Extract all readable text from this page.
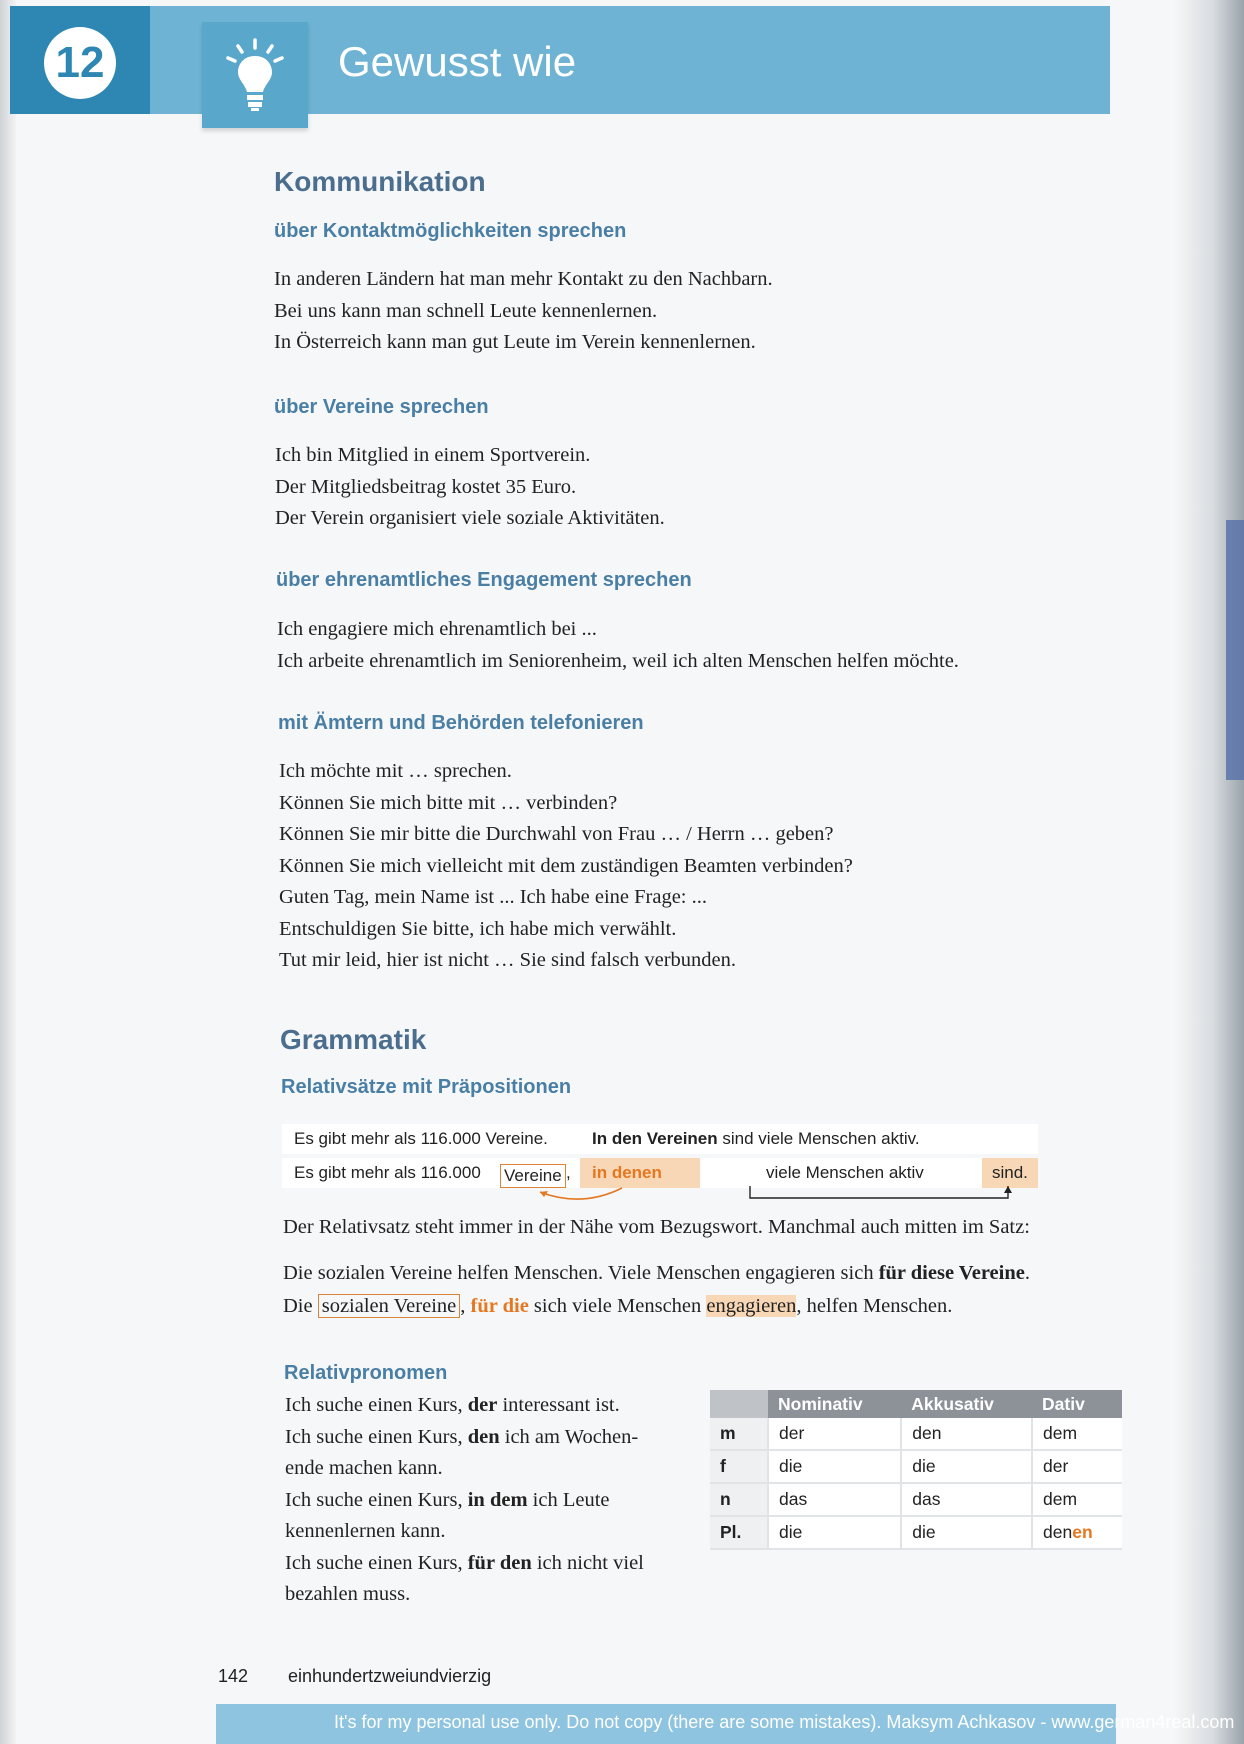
12	Gewusst wie
Kommunikation
über Kontaktmöglichkeiten sprechen
In anderen Ländern hat man mehr Kontakt zu den Nachbarn.
Bei uns kann man schnell Leute kennenlernen.
In Österreich kann man gut Leute im Verein kennenlernen.
über Vereine sprechen
Ich bin Mitglied in einem Sportverein.
Der Mitgliedsbeitrag kostet 35 Euro.
Der Verein organisiert viele soziale Aktivitäten.
über ehrenamtliches Engagement sprechen
Ich engagiere mich ehrenamtlich bei ...
Ich arbeite ehrenamtlich im Seniorenheim, weil ich alten Menschen helfen möchte.
mit Ämtern und Behörden telefonieren
Ich möchte mit … sprechen.
Können Sie mich bitte mit … verbinden?
Können Sie mir bitte die Durchwahl von Frau … / Herrn … geben?
Können Sie mich vielleicht mit dem zuständigen Beamten verbinden?
Guten Tag, mein Name ist ... Ich habe eine Frage: ...
Entschuldigen Sie bitte, ich habe mich verwählt.
Tut mir leid, hier ist nicht … Sie sind falsch verbunden.
Grammatik
Relativsätze mit Präpositionen
Es gibt mehr als 116.000 Vereine.	In den Vereinen sind viele Menschen aktiv.
Es gibt mehr als 116.000 Vereine ,	in denen	viele Menschen aktiv	sind.
Der Relativsatz steht immer in der Nähe vom Bezugswort. Manchmal auch mitten im Satz:
Die sozialen Vereine helfen Menschen. Viele Menschen engagieren sich für diese Vereine.
Die sozialen Vereine , für die sich viele Menschen engagieren, helfen Menschen.
Relativpronomen
Ich suche einen Kurs, der interessant ist.
Ich suche einen Kurs, den ich am Wochen-
ende machen kann.
Ich suche einen Kurs, in dem ich Leute
kennenlernen kann.
Ich suche einen Kurs, für den ich nicht viel
bezahlen muss.
	Nominativ	Akkusativ	Dativ
m	der	den	dem
f	die	die	der
n	das	das	dem
Pl.	die	die	denen
142 einhundertzweiundvierzig
It's for my personal use only. Do not copy (there are some mistakes). Maksym Achkasov - www.german4real.com
